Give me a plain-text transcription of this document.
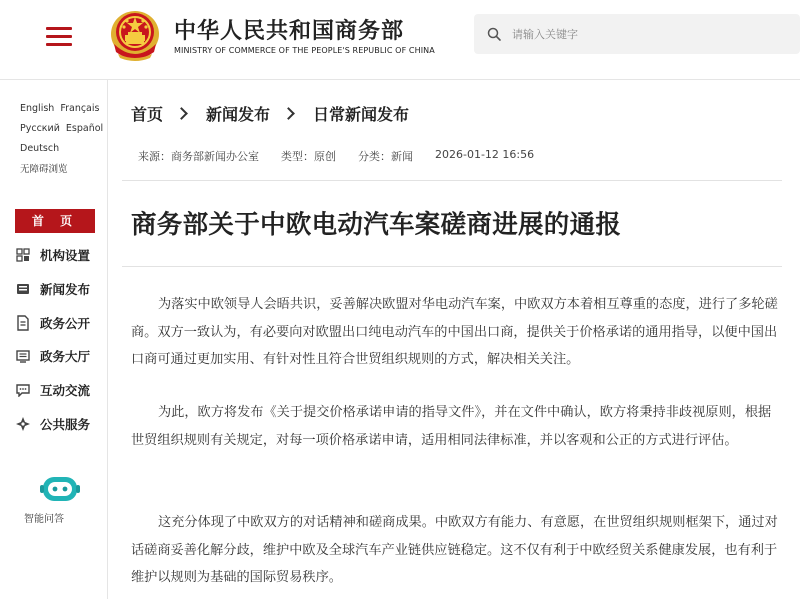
中华人民共和国商务部
MINISTRY OF COMMERCE OF THE PEOPLE'S REPUBLIC OF CHINA
请输入关键字
English Français
Русский Español
Deutsch
无障碍浏览
首 页
机构设置
新闻发布
政务公开
政务大厅
互动交流
公共服务
智能问答
首页	新闻发布	日常新闻发布
来源：商务部新闻办公室 类型：原创 分类：新闻 2026-01-12 16:56
商务部关于中欧电动汽车案磋商进展的通报

为落实中欧领导人会晤共识，妥善解决欧盟对华电动汽车案，中欧双方本着相互尊重的态度，进行了多轮磋商。双方一致认为，有必要向对欧盟出口纯电动汽车的中国出口商，提供关于价格承诺的通用指导，以便中国出口商可通过更加实用、有针对性且符合世贸组织规则的方式，解决相关关注。

为此，欧方将发布《关于提交价格承诺申请的指导文件》，并在文件中确认，欧方将秉持非歧视原则，根据世贸组织规则有关规定，对每一项价格承诺申请，适用相同法律标准，并以客观和公正的方式进行评估。

这充分体现了中欧双方的对话精神和磋商成果。中欧双方有能力、有意愿，在世贸组织规则框架下，通过对话磋商妥善化解分歧，维护中欧及全球汽车产业链供应链稳定。这不仅有利于中欧经贸关系健康发展，也有利于维护以规则为基础的国际贸易秩序。
